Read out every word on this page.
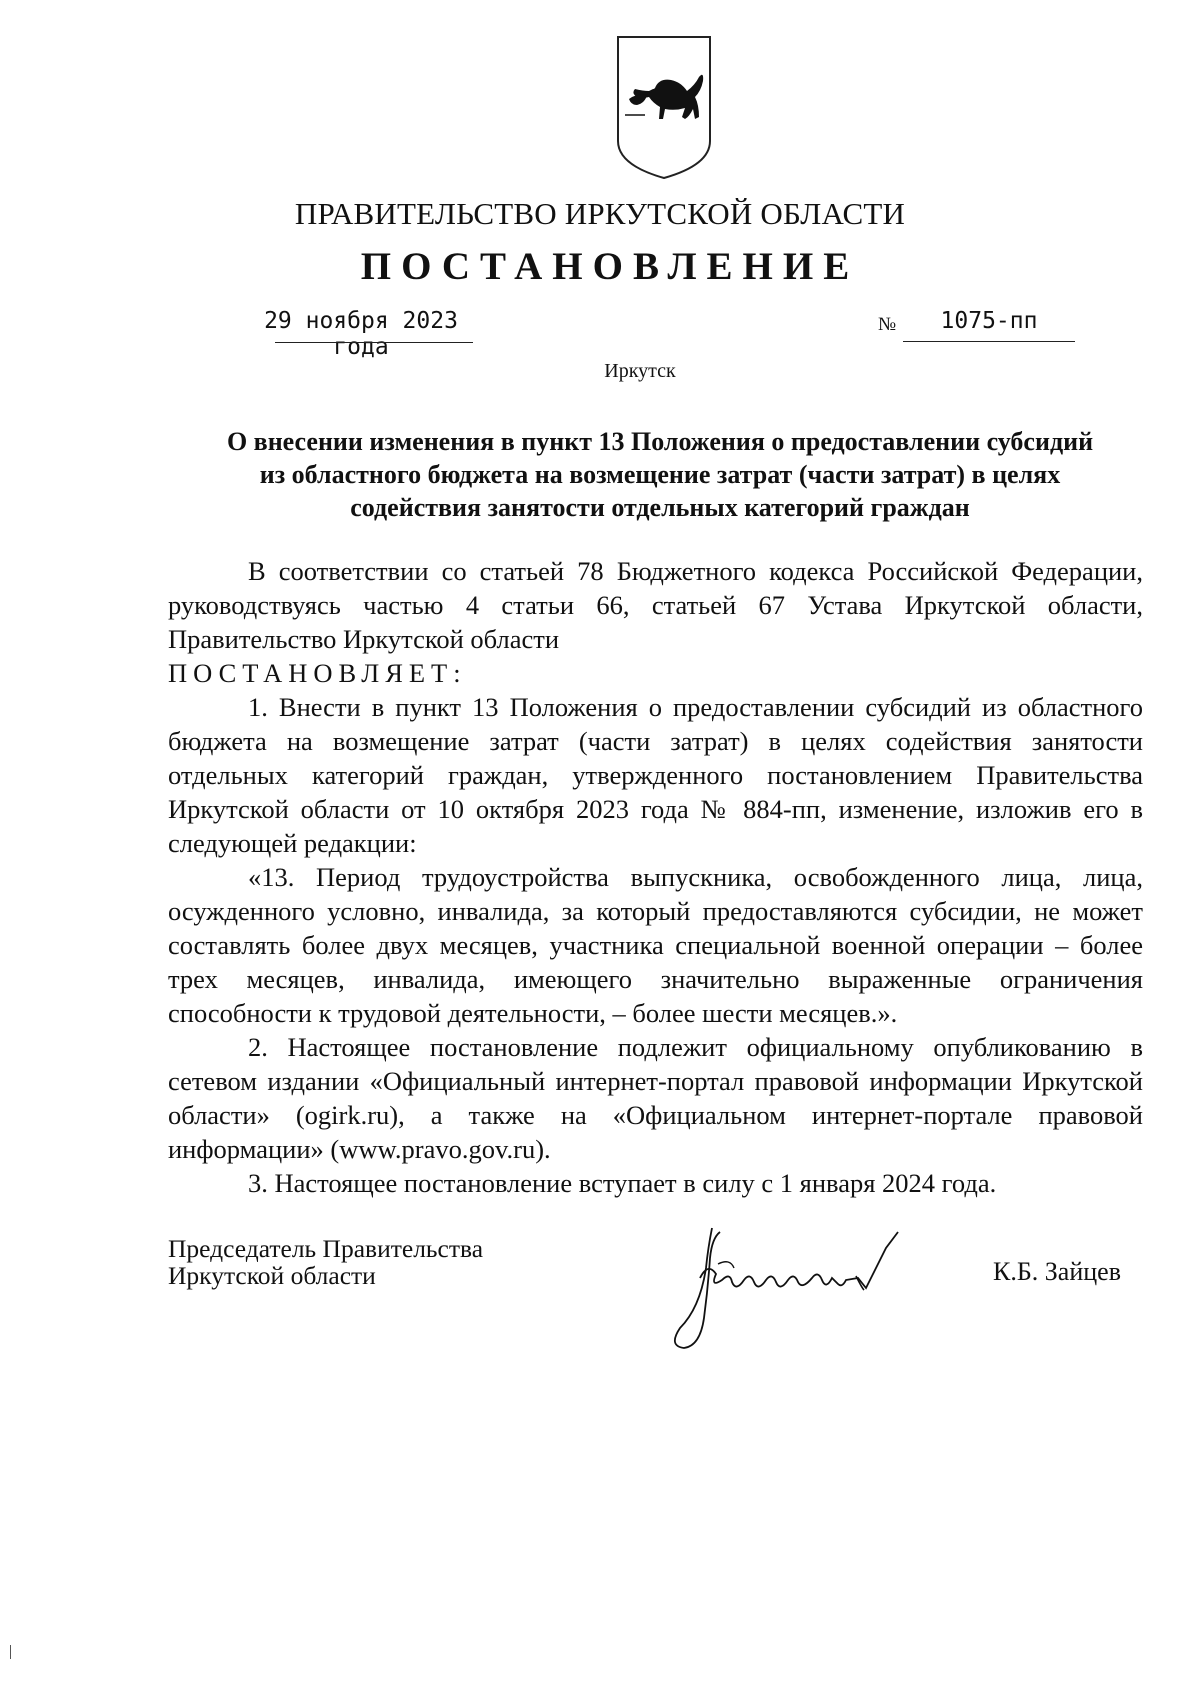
ПРАВИТЕЛЬСТВО ИРКУТСКОЙ ОБЛАСТИ
ПОСТАНОВЛЕНИЕ
29 ноября 2023 года
№	1075-пп
Иркутск
О внесении изменения в пункт 13 Положения о предоставлении субсидий
из областного бюджета на возмещение затрат (части затрат) в целях
содействия занятости отдельных категорий граждан

В соответствии со статьей 78 Бюджетного кодекса Российской Федерации, руководствуясь частью 4 статьи 66, статьей 67 Устава Иркутской области, Правительство Иркутской области

ПОСТАНОВЛЯЕТ:

1. Внести в пункт 13 Положения о предоставлении субсидий из областного бюджета на возмещение затрат (части затрат) в целях содействия занятости отдельных категорий граждан, утвержденного постановлением Правительства Иркутской области от 10 октября 2023 года № 884-пп, изменение, изложив его в следующей редакции:

«13. Период трудоустройства выпускника, освобожденного лица, лица, осужденного условно, инвалида, за который предоставляются субсидии, не может составлять более двух месяцев, участника специальной военной операции – более трех месяцев, инвалида, имеющего значительно выраженные ограничения способности к трудовой деятельности, – более шести месяцев.».

2. Настоящее постановление подлежит официальному опубликованию в сетевом издании «Официальный интернет-портал правовой информации Иркутской области» (ogirk.ru), а также на «Официальном интернет-портале правовой информации» (www.pravo.gov.ru).

3. Настоящее постановление вступает в силу с 1 января 2024 года.

Председатель Правительства
Иркутской области	К.Б. Зайцев
